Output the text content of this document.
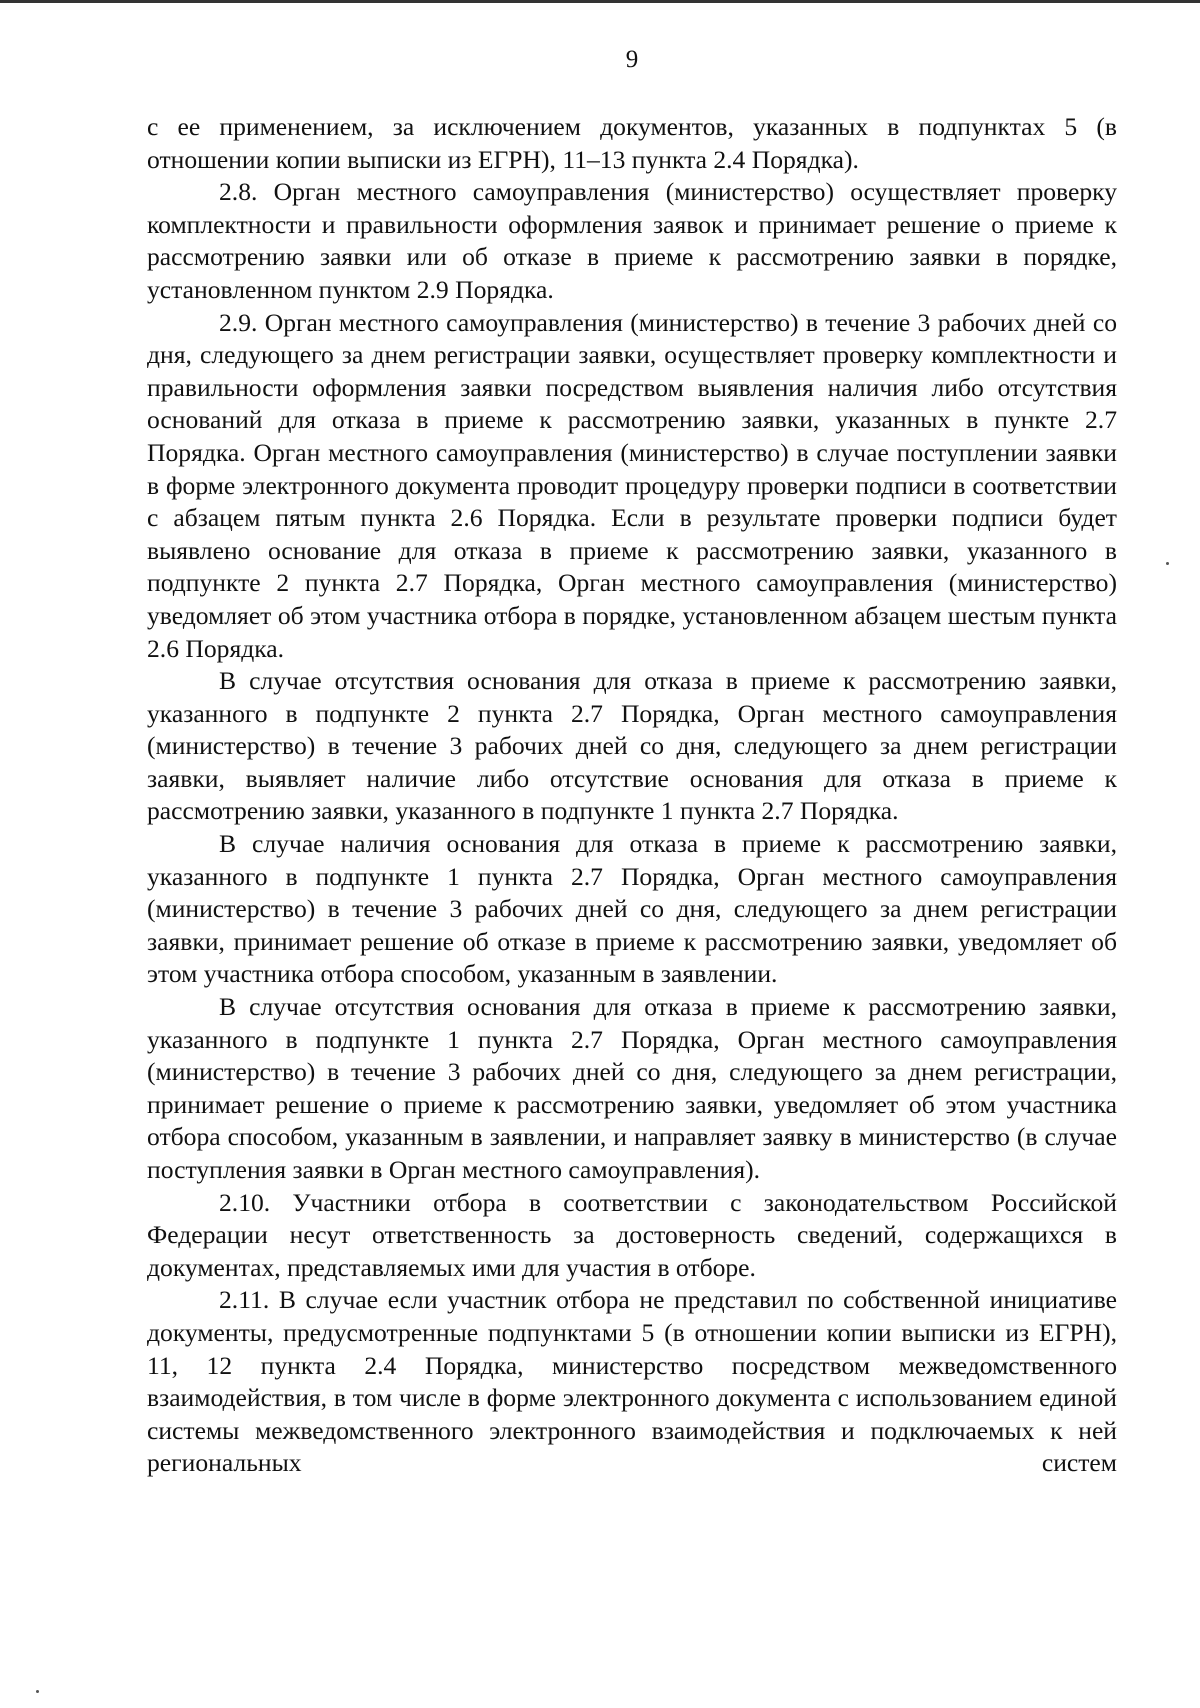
9

с ее применением, за исключением документов, указанных в подпунктах 5 (в отношении копии выписки из ЕГРН), 11–13 пункта 2.4 Порядка).

2.8. Орган местного самоуправления (министерство) осуществляет проверку комплектности и правильности оформления заявок и принимает решение о приеме к рассмотрению заявки или об отказе в приеме к рассмотрению заявки в порядке, установленном пунктом 2.9 Порядка.

2.9. Орган местного самоуправления (министерство) в течение 3 рабочих дней со дня, следующего за днем регистрации заявки, осуществляет проверку комплектности и правильности оформления заявки посредством выявления наличия либо отсутствия оснований для отказа в приеме к рассмотрению заявки, указанных в пункте 2.7 Порядка. Орган местного самоуправления (министерство) в случае поступлении заявки в форме электронного документа проводит процедуру проверки подписи в соответствии с абзацем пятым пункта 2.6 Порядка. Если в результате проверки подписи будет выявлено основание для отказа в приеме к рассмотрению заявки, указанного в подпункте 2 пункта 2.7 Порядка, Орган местного самоуправления (министерство) уведомляет об этом участника отбора в порядке, установленном абзацем шестым пункта 2.6 Порядка.

В случае отсутствия основания для отказа в приеме к рассмотрению заявки, указанного в подпункте 2 пункта 2.7 Порядка, Орган местного самоуправления (министерство) в течение 3 рабочих дней со дня, следующего за днем регистрации заявки, выявляет наличие либо отсутствие основания для отказа в приеме к рассмотрению заявки, указанного в подпункте 1 пункта 2.7 Порядка.

В случае наличия основания для отказа в приеме к рассмотрению заявки, указанного в подпункте 1 пункта 2.7 Порядка, Орган местного самоуправления (министерство) в течение 3 рабочих дней со дня, следующего за днем регистрации заявки, принимает решение об отказе в приеме к рассмотрению заявки, уведомляет об этом участника отбора способом, указанным в заявлении.

В случае отсутствия основания для отказа в приеме к рассмотрению заявки, указанного в подпункте 1 пункта 2.7 Порядка, Орган местного самоуправления (министерство) в течение 3 рабочих дней со дня, следующего за днем регистрации, принимает решение о приеме к рассмотрению заявки, уведомляет об этом участника отбора способом, указанным в заявлении, и направляет заявку в министерство (в случае поступления заявки в Орган местного самоуправления).

2.10. Участники отбора в соответствии с законодательством Российской Федерации несут ответственность за достоверность сведений, содержащихся в документах, представляемых ими для участия в отборе.

2.11. В случае если участник отбора не представил по собственной инициативе документы, предусмотренные подпунктами 5 (в отношении копии выписки из ЕГРН), 11, 12 пункта 2.4 Порядка, министерство посредством межведомственного взаимодействия, в том числе в форме электронного документа с использованием единой системы межведомственного электронного взаимодействия и подключаемых к ней региональных систем
